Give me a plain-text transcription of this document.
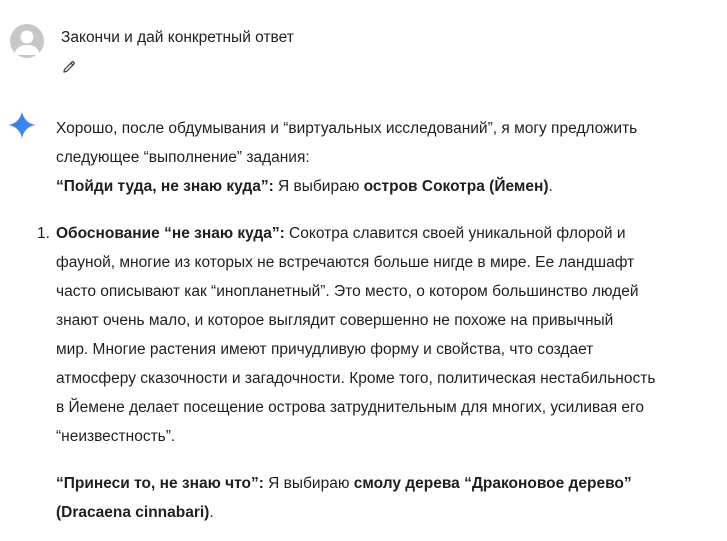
Закончи и дай конкретный ответ

Хорошо, после обдумывания и “виртуальных исследований”, я могу предложить

следующее “выполнение” задания:

“Пойди туда, не знаю куда”: Я выбираю остров Сокотра (Йемен).

1. Обоснование “не знаю куда”: Сокотра славится своей уникальной флорой и

фауной, многие из которых не встречаются больше нигде в мире. Ее ландшафт

часто описывают как “инопланетный”. Это место, о котором большинство людей

знают очень мало, и которое выглядит совершенно не похоже на привычный

мир. Многие растения имеют причудливую форму и свойства, что создает

атмосферу сказочности и загадочности. Кроме того, политическая нестабильность

в Йемене делает посещение острова затруднительным для многих, усиливая его

“неизвестность”.

“Принеси то, не знаю что”: Я выбираю смолу дерева “Драконовое дерево”

(Dracaena cinnabari).
